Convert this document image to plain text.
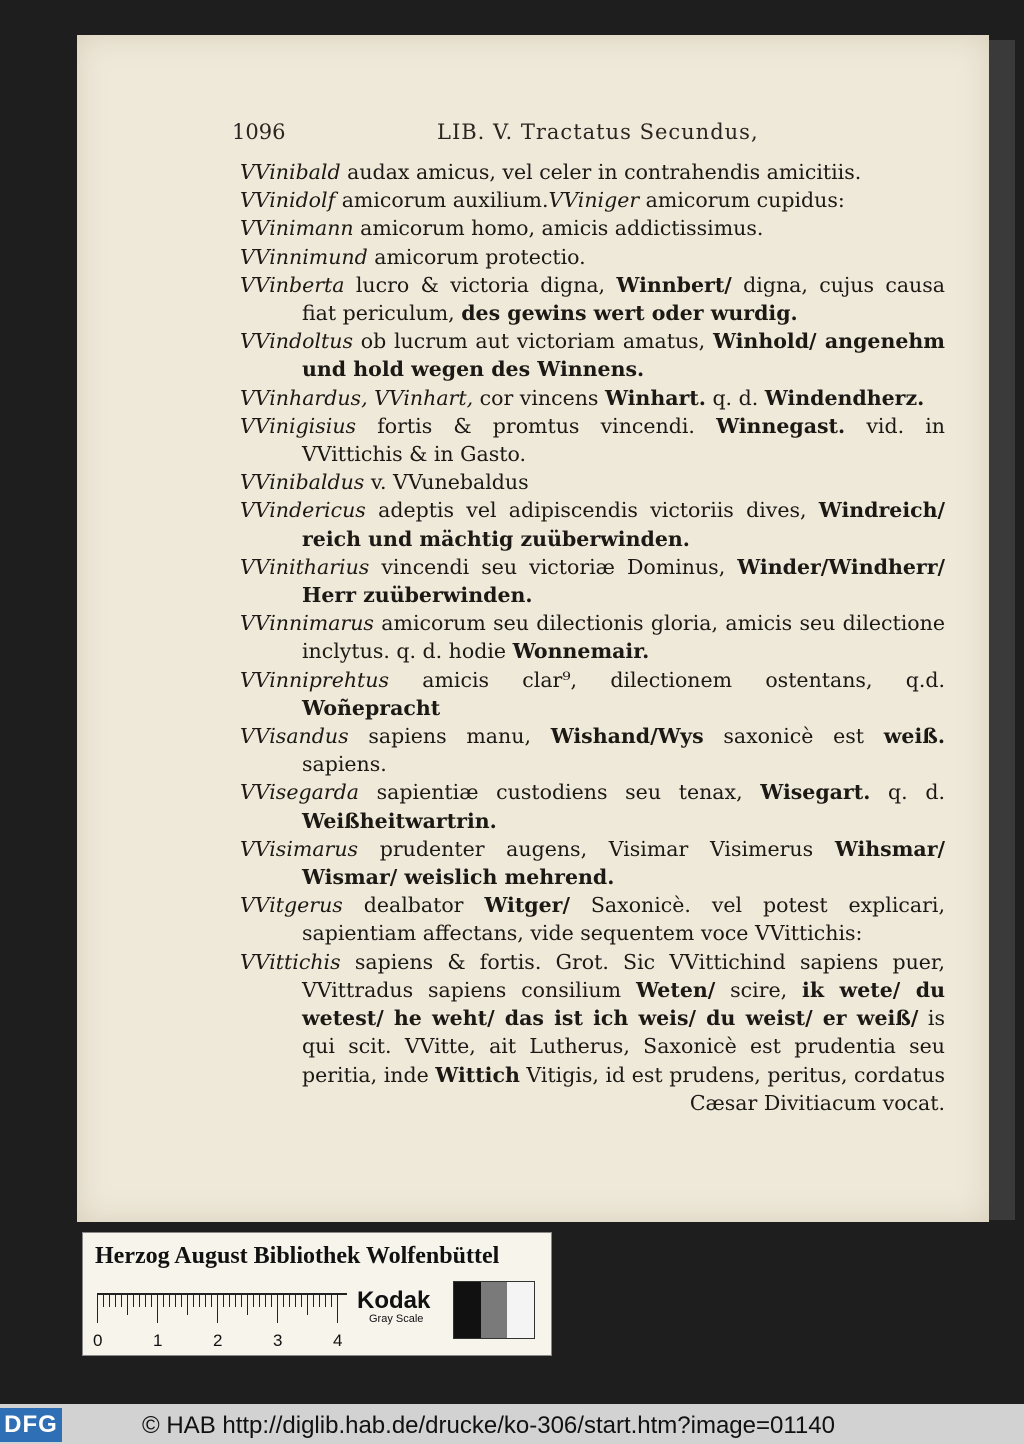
1096	LIB. V. Tractatus Secundus,

VVinibald audax amicus, vel celer in contrahendis amicitiis.

VVinidolf amicorum auxilium.VViniger amicorum cupidus:

VVinimann amicorum homo, amicis addictissimus.

VVinnimund amicorum protectio.

VVinberta lucro & victoria digna, Winnbert/ digna, cujus causa fiat periculum, des gewins wert oder wurdig.

VVindoltus ob lucrum aut victoriam amatus, Winhold/ angenehm und hold wegen des Winnens.

VVinhardus, VVinhart, cor vincens Winhart. q. d. Windendherz.

VVinigisius fortis & promtus vincendi. Winnegast. vid. in VVittichis & in Gasto.

VVinibaldus v. VVunebaldus

VVindericus adeptis vel adipiscendis victoriis dives, Windreich/ reich und mächtig zuüberwinden.

VVinitharius vincendi seu victoriæ Dominus, Winder/Windherr/ Herr zuüberwinden.

VVinnimarus amicorum seu dilectionis gloria, amicis seu dilectione inclytus. q. d. hodie Wonnemair.

VVinniprehtus amicis clar⁹, dilectionem ostentans, q.d. Woñepracht

VVisandus sapiens manu, Wishand/Wys saxonicè est weiß. sapiens.

VVisegarda sapientiæ custodiens seu tenax, Wisegart. q. d. Weißheitwartrin.

VVisimarus prudenter augens, Visimar Visimerus Wihsmar/ Wismar/ weislich mehrend.

VVitgerus dealbator Witger/ Saxonicè. vel potest explicari, sapientiam affectans, vide sequentem voce VVittichis:

VVittichis sapiens & fortis. Grot. Sic VVittichind sapiens puer, VVittradus sapiens consilium Weten/ scire, ik wete/ du wetest/ he weht/ das ist ich weis/ du weist/ er weiß/ is qui scit. VVitte, ait Lutherus, Saxonicè est prudentia seu peritia, inde Wittich Vitigis, id est prudens, peritus, cordatus Cæsar Divitiacum vocat.

Herzog August Bibliothek Wolfenbüttel
0	1	2	3	4
Kodak
Gray Scale
DFG	© HAB http://diglib.hab.de/drucke/ko-306/start.htm?image=01140
